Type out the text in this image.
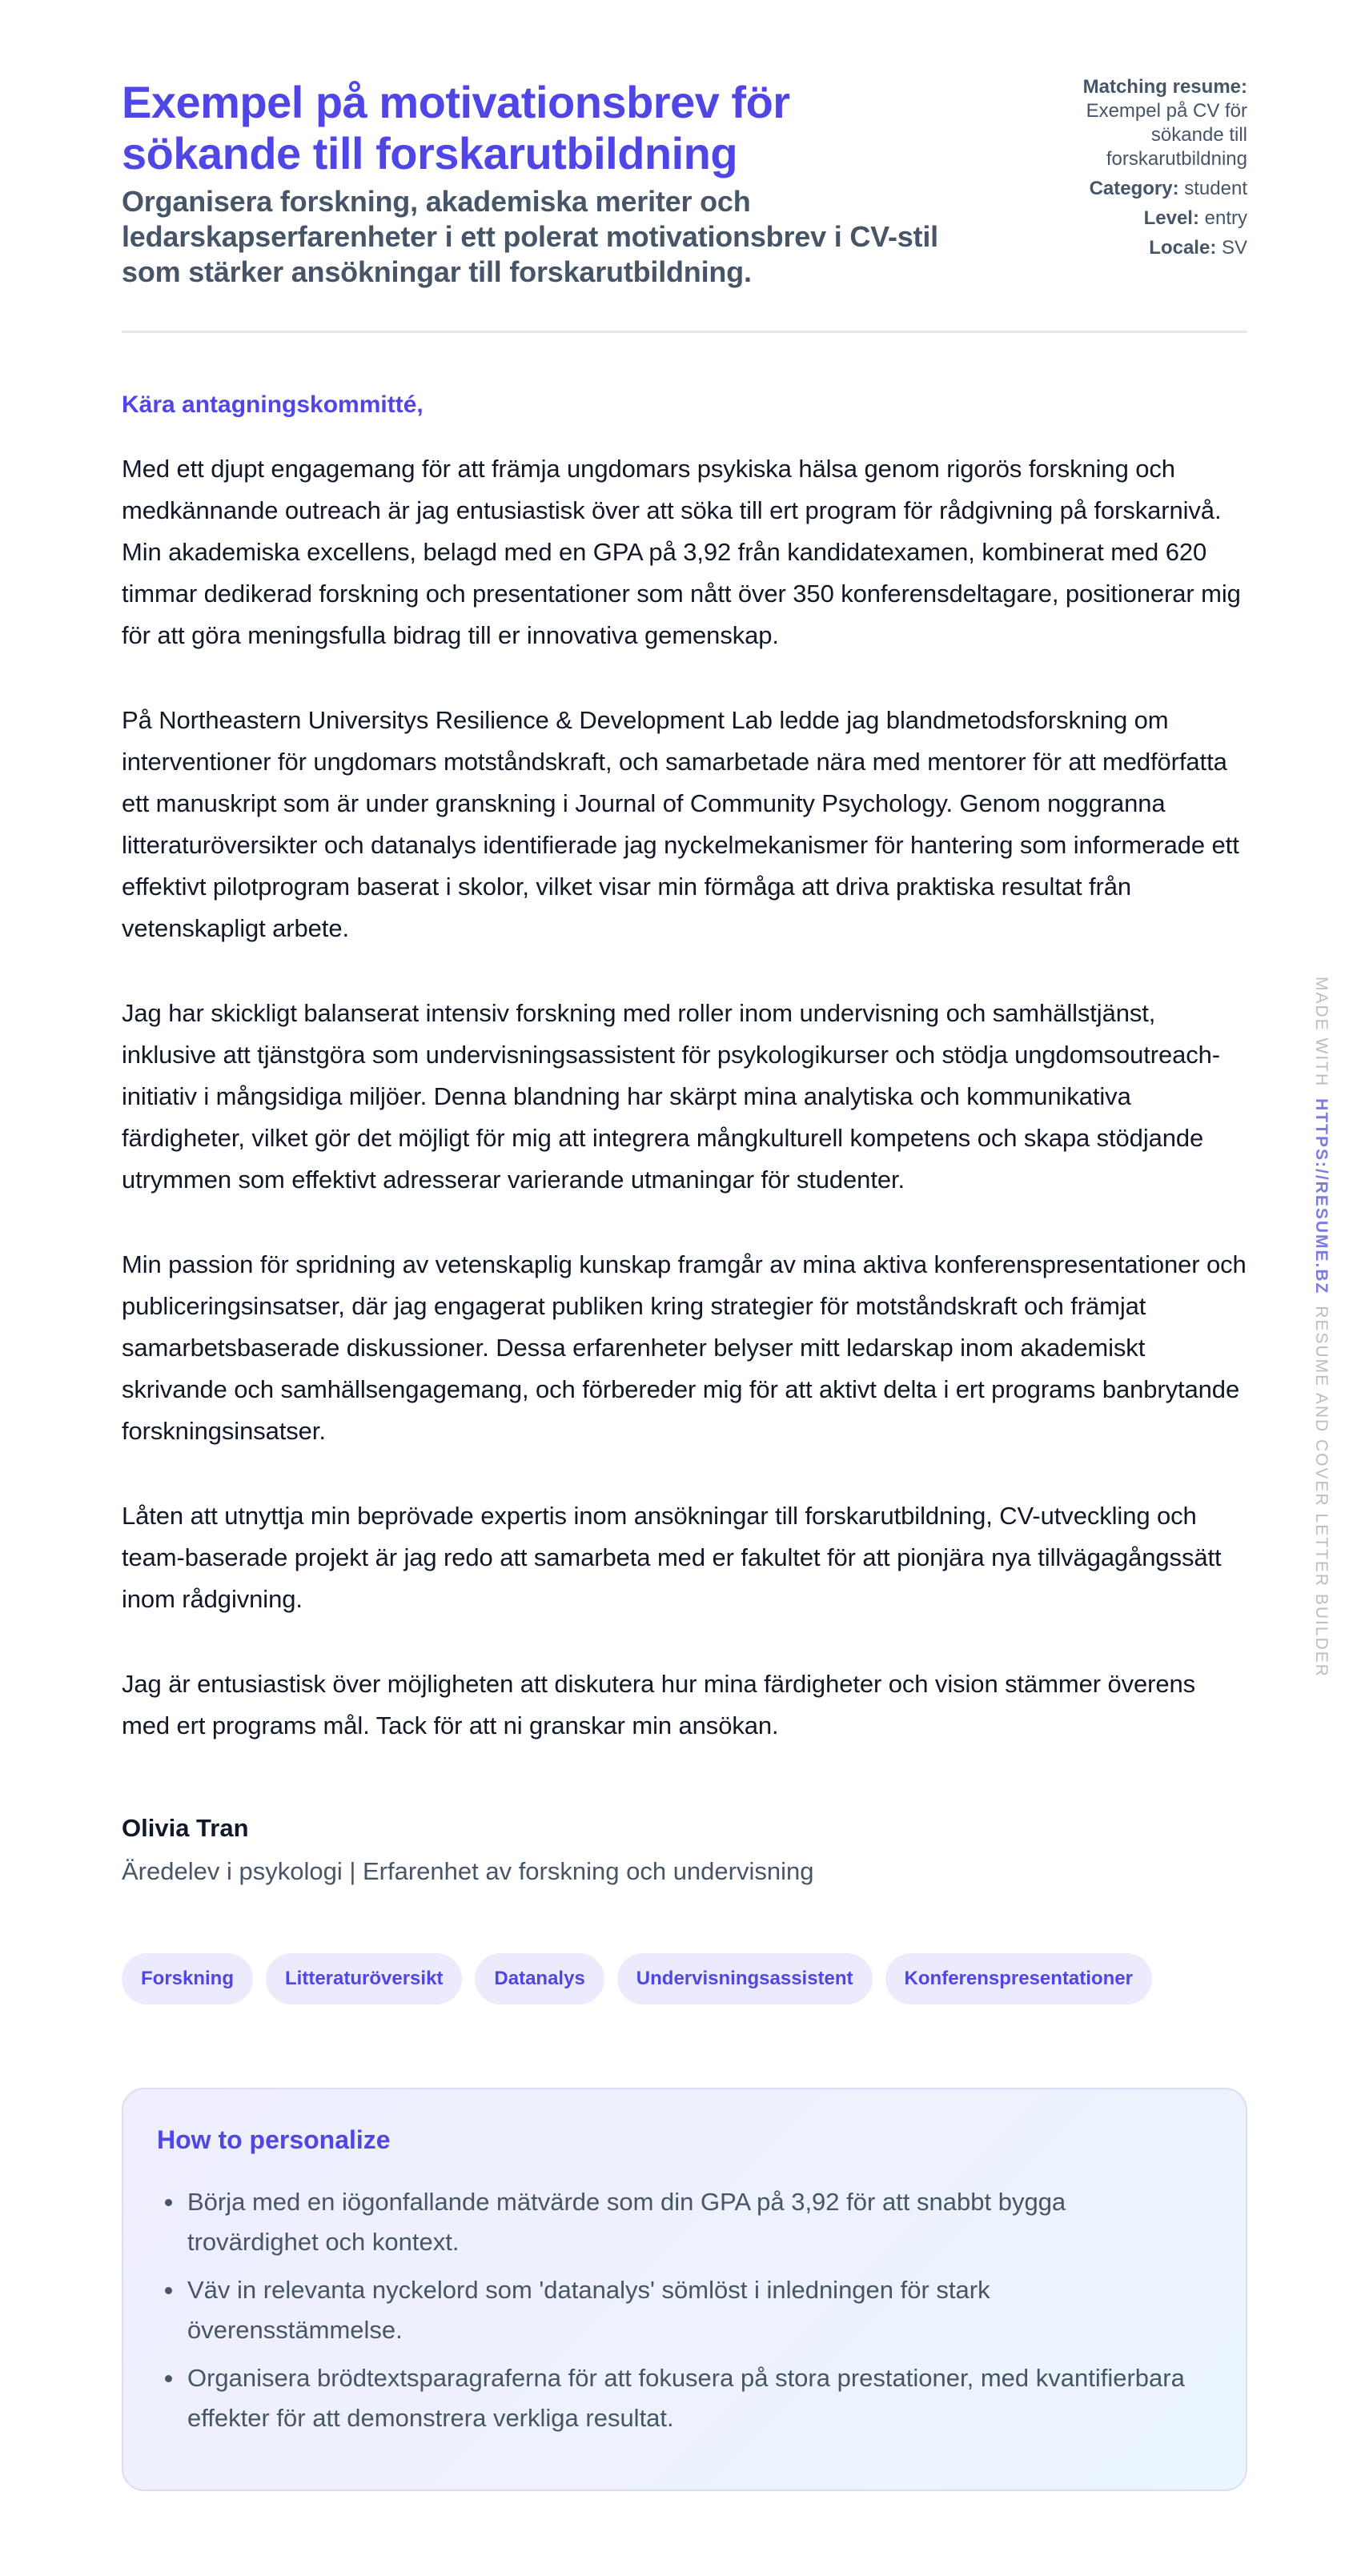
Exempel på motivationsbrev för sökande till forskarutbildning
Organisera forskning, akademiska meriter och ledarskapserfarenheter i ett polerat motivationsbrev i CV-stil som stärker ansökningar till forskarutbildning.
Matching resume: Exempel på CV för sökande till forskarutbildning
Category: student
Level: entry
Locale: SV

Kära antagningskommitté,

Med ett djupt engagemang för att främja ungdomars psykiska hälsa genom rigorös forskning och medkännande outreach är jag entusiastisk över att söka till ert program för rådgivning på forskarnivå. Min akademiska excellens, belagd med en GPA på 3,92 från kandidatexamen, kombinerat med 620 timmar dedikerad forskning och presentationer som nått över 350 konferensdeltagare, positionerar mig för att göra meningsfulla bidrag till er innovativa gemenskap.

På Northeastern Universitys Resilience & Development Lab ledde jag blandmetodsforskning om interventioner för ungdomars motståndskraft, och samarbetade nära med mentorer för att medförfatta ett manuskript som är under granskning i Journal of Community Psychology. Genom noggranna litteraturöversikter och datanalys identifierade jag nyckelmekanismer för hantering som informerade ett effektivt pilotprogram baserat i skolor, vilket visar min förmåga att driva praktiska resultat från vetenskapligt arbete.

Jag har skickligt balanserat intensiv forskning med roller inom undervisning och samhällstjänst, inklusive att tjänstgöra som undervisningsassistent för psykologikurser och stödja ungdomsoutreach-initiativ i mångsidiga miljöer. Denna blandning har skärpt mina analytiska och kommunikativa färdigheter, vilket gör det möjligt för mig att integrera mångkulturell kompetens och skapa stödjande utrymmen som effektivt adresserar varierande utmaningar för studenter.

Min passion för spridning av vetenskaplig kunskap framgår av mina aktiva konferenspresentationer och publiceringsinsatser, där jag engagerat publiken kring strategier för motståndskraft och främjat samarbetsbaserade diskussioner. Dessa erfarenheter belyser mitt ledarskap inom akademiskt skrivande och samhällsengagemang, och förbereder mig för att aktivt delta i ert programs banbrytande forskningsinsatser.

Låten att utnyttja min beprövade expertis inom ansökningar till forskarutbildning, CV-utveckling och team-baserade projekt är jag redo att samarbeta med er fakultet för att pionjära nya tillvägagångssätt inom rådgivning.

Jag är entusiastisk över möjligheten att diskutera hur mina färdigheter och vision stämmer överens med ert programs mål. Tack för att ni granskar min ansökan.

Olivia Tran
Äredelev i psykologi | Erfarenhet av forskning och undervisning
Forskning	Litteraturöversikt	Datanalys	Undervisningsassistent	Konferenspresentationer
How to personalize
Börja med en iögonfallande mätvärde som din GPA på 3,92 för att snabbt bygga trovärdighet och kontext.
Väv in relevanta nyckelord som 'datanalys' sömlöst i inledningen för stark överensstämmelse.
Organisera brödtextsparagraferna för att fokusera på stora prestationer, med kvantifierbara effekter för att demonstrera verkliga resultat.
MADE WITHHTTPS://RESUME.BZRESUME AND COVER LETTER BUILDER
